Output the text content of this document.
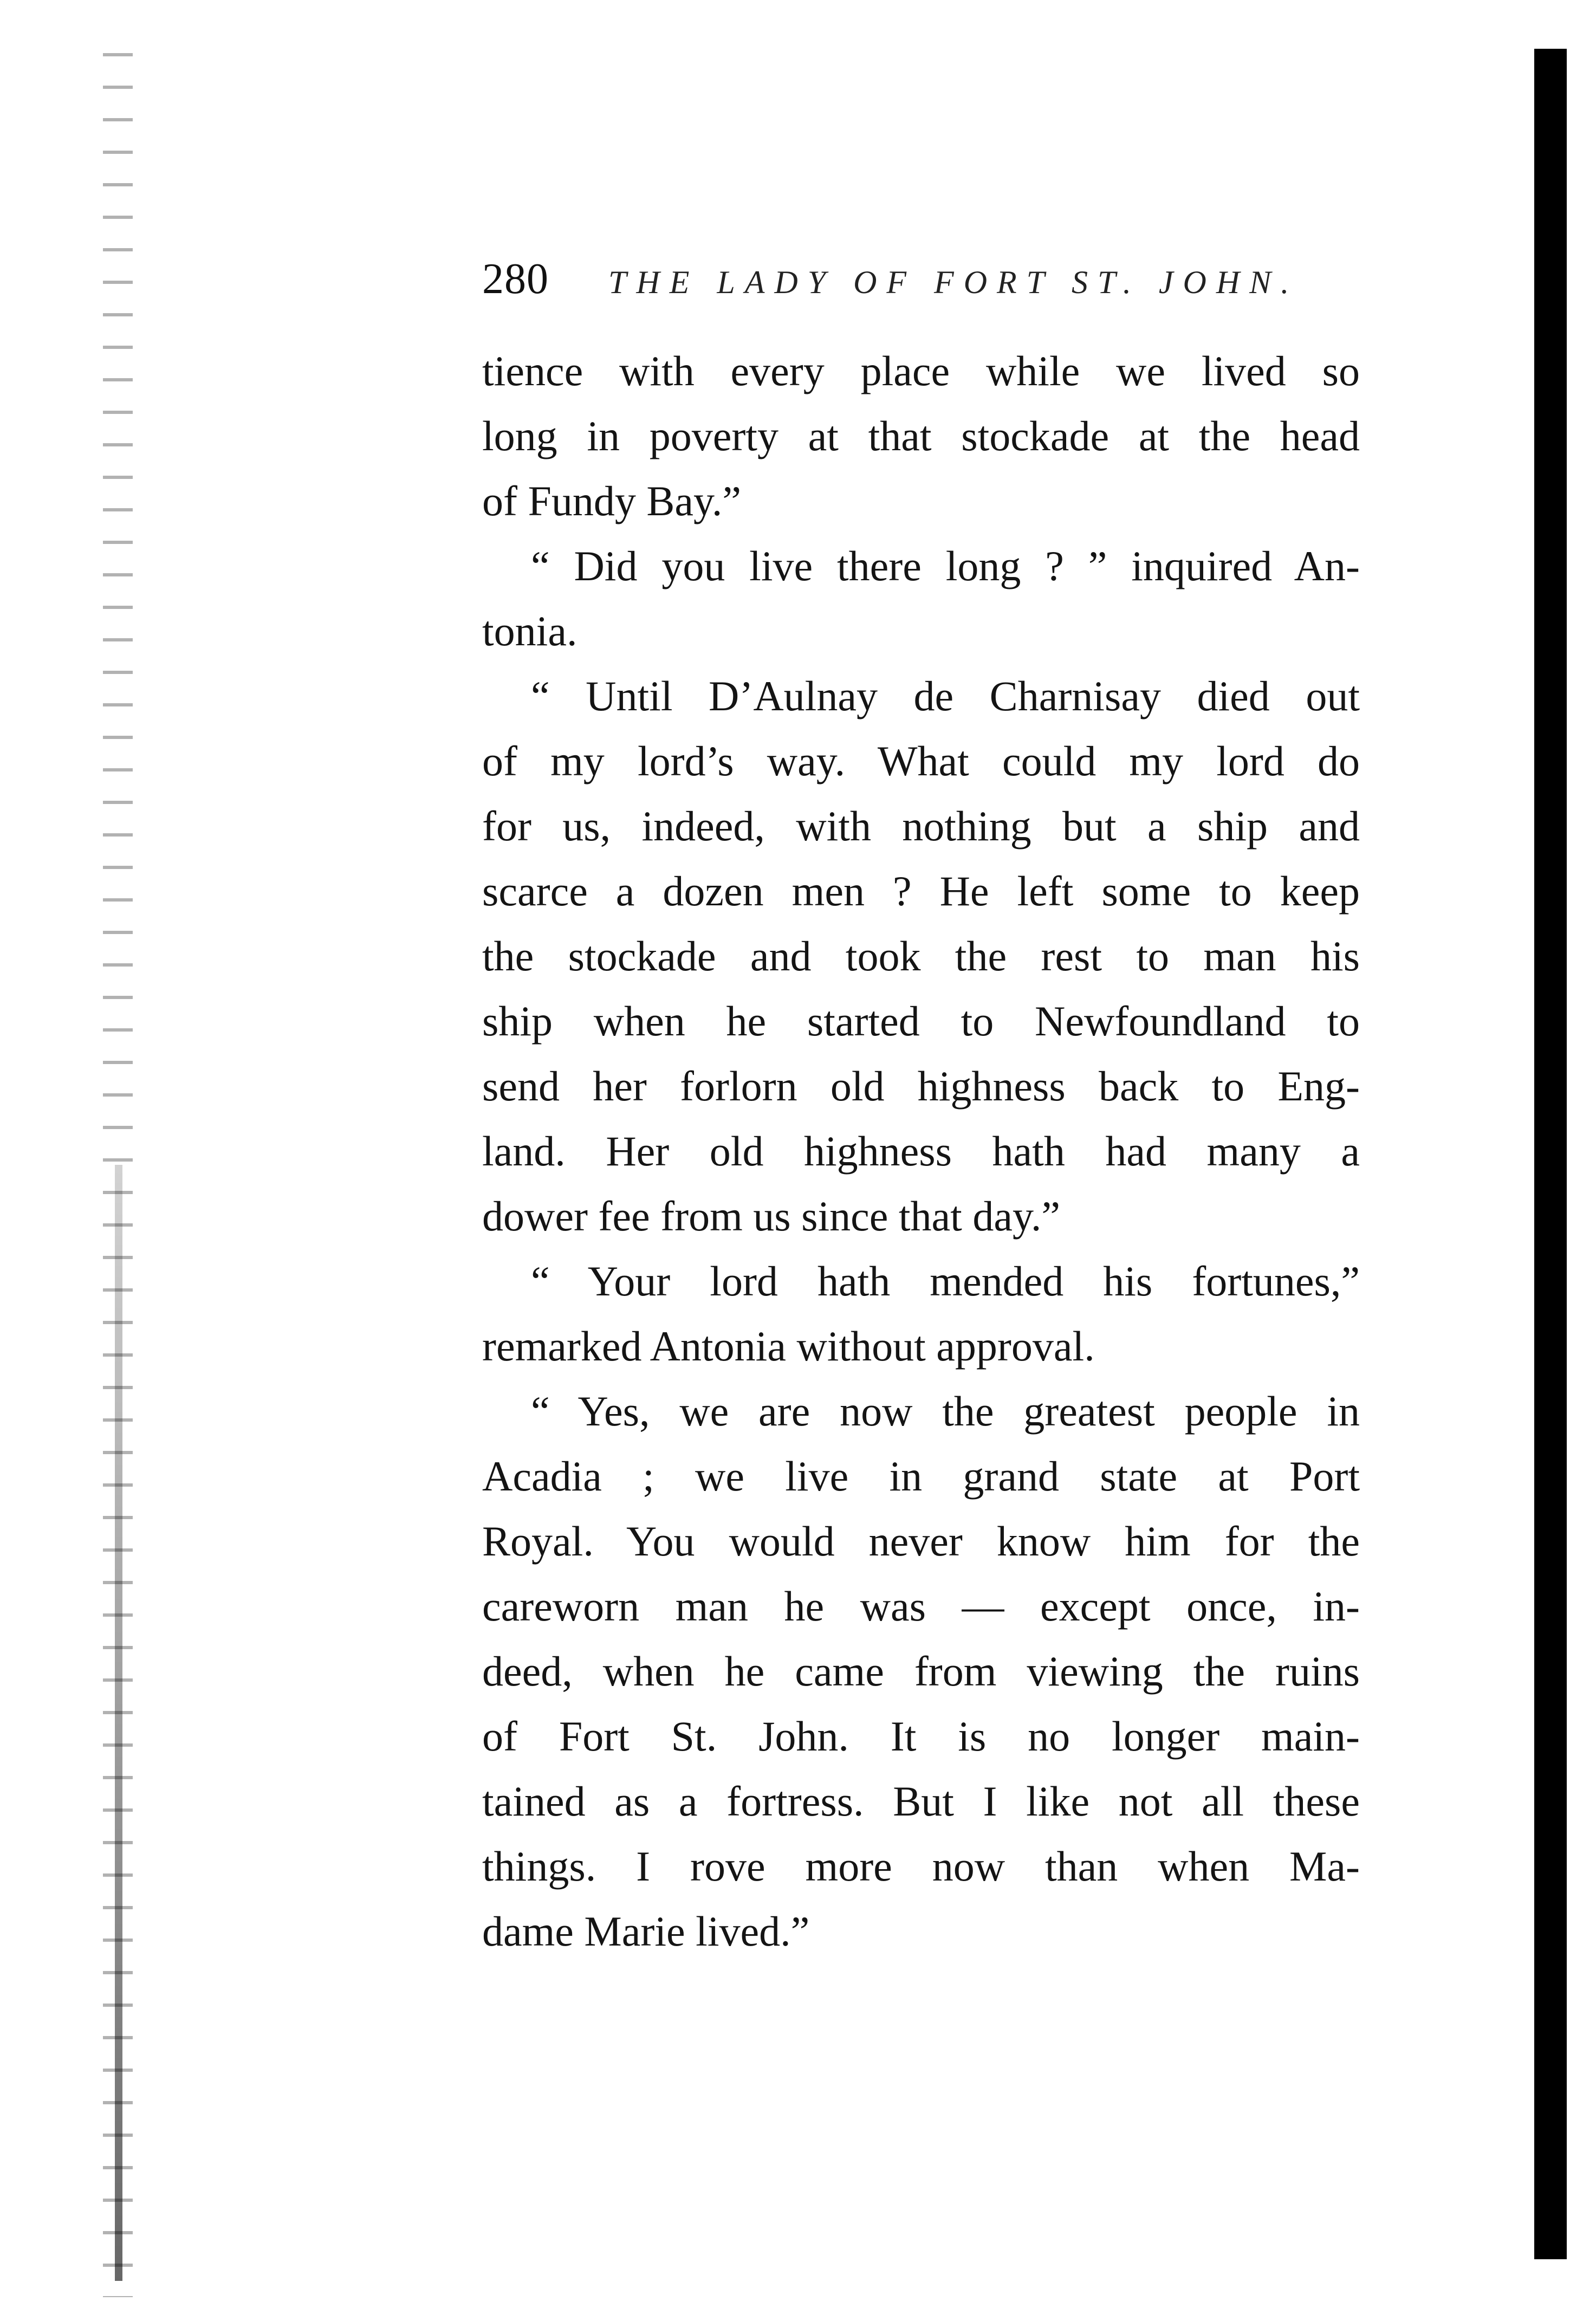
280 THE LADY OF FORT ST. JOHN.
tience with every place while we lived so
long in poverty at that stockade at the head
of Fundy Bay.”
“ Did you live there long ? ” inquired An-
tonia.
“ Until D’Aulnay de Charnisay died out
of my lord’s way. What could my lord do
for us, indeed, with nothing but a ship and
scarce a dozen men ? He left some to keep
the stockade and took the rest to man his
ship when he started to Newfoundland to
send her forlorn old highness back to Eng-
land. Her old highness hath had many a
dower fee from us since that day.”
“ Your lord hath mended his fortunes,”
remarked Antonia without approval.
“ Yes, we are now the greatest people in
Acadia ; we live in grand state at Port
Royal. You would never know him for the
careworn man he was — except once, in-
deed, when he came from viewing the ruins
of Fort St. John. It is no longer main-
tained as a fortress. But I like not all these
things. I rove more now than when Ma-
dame Marie lived.”
